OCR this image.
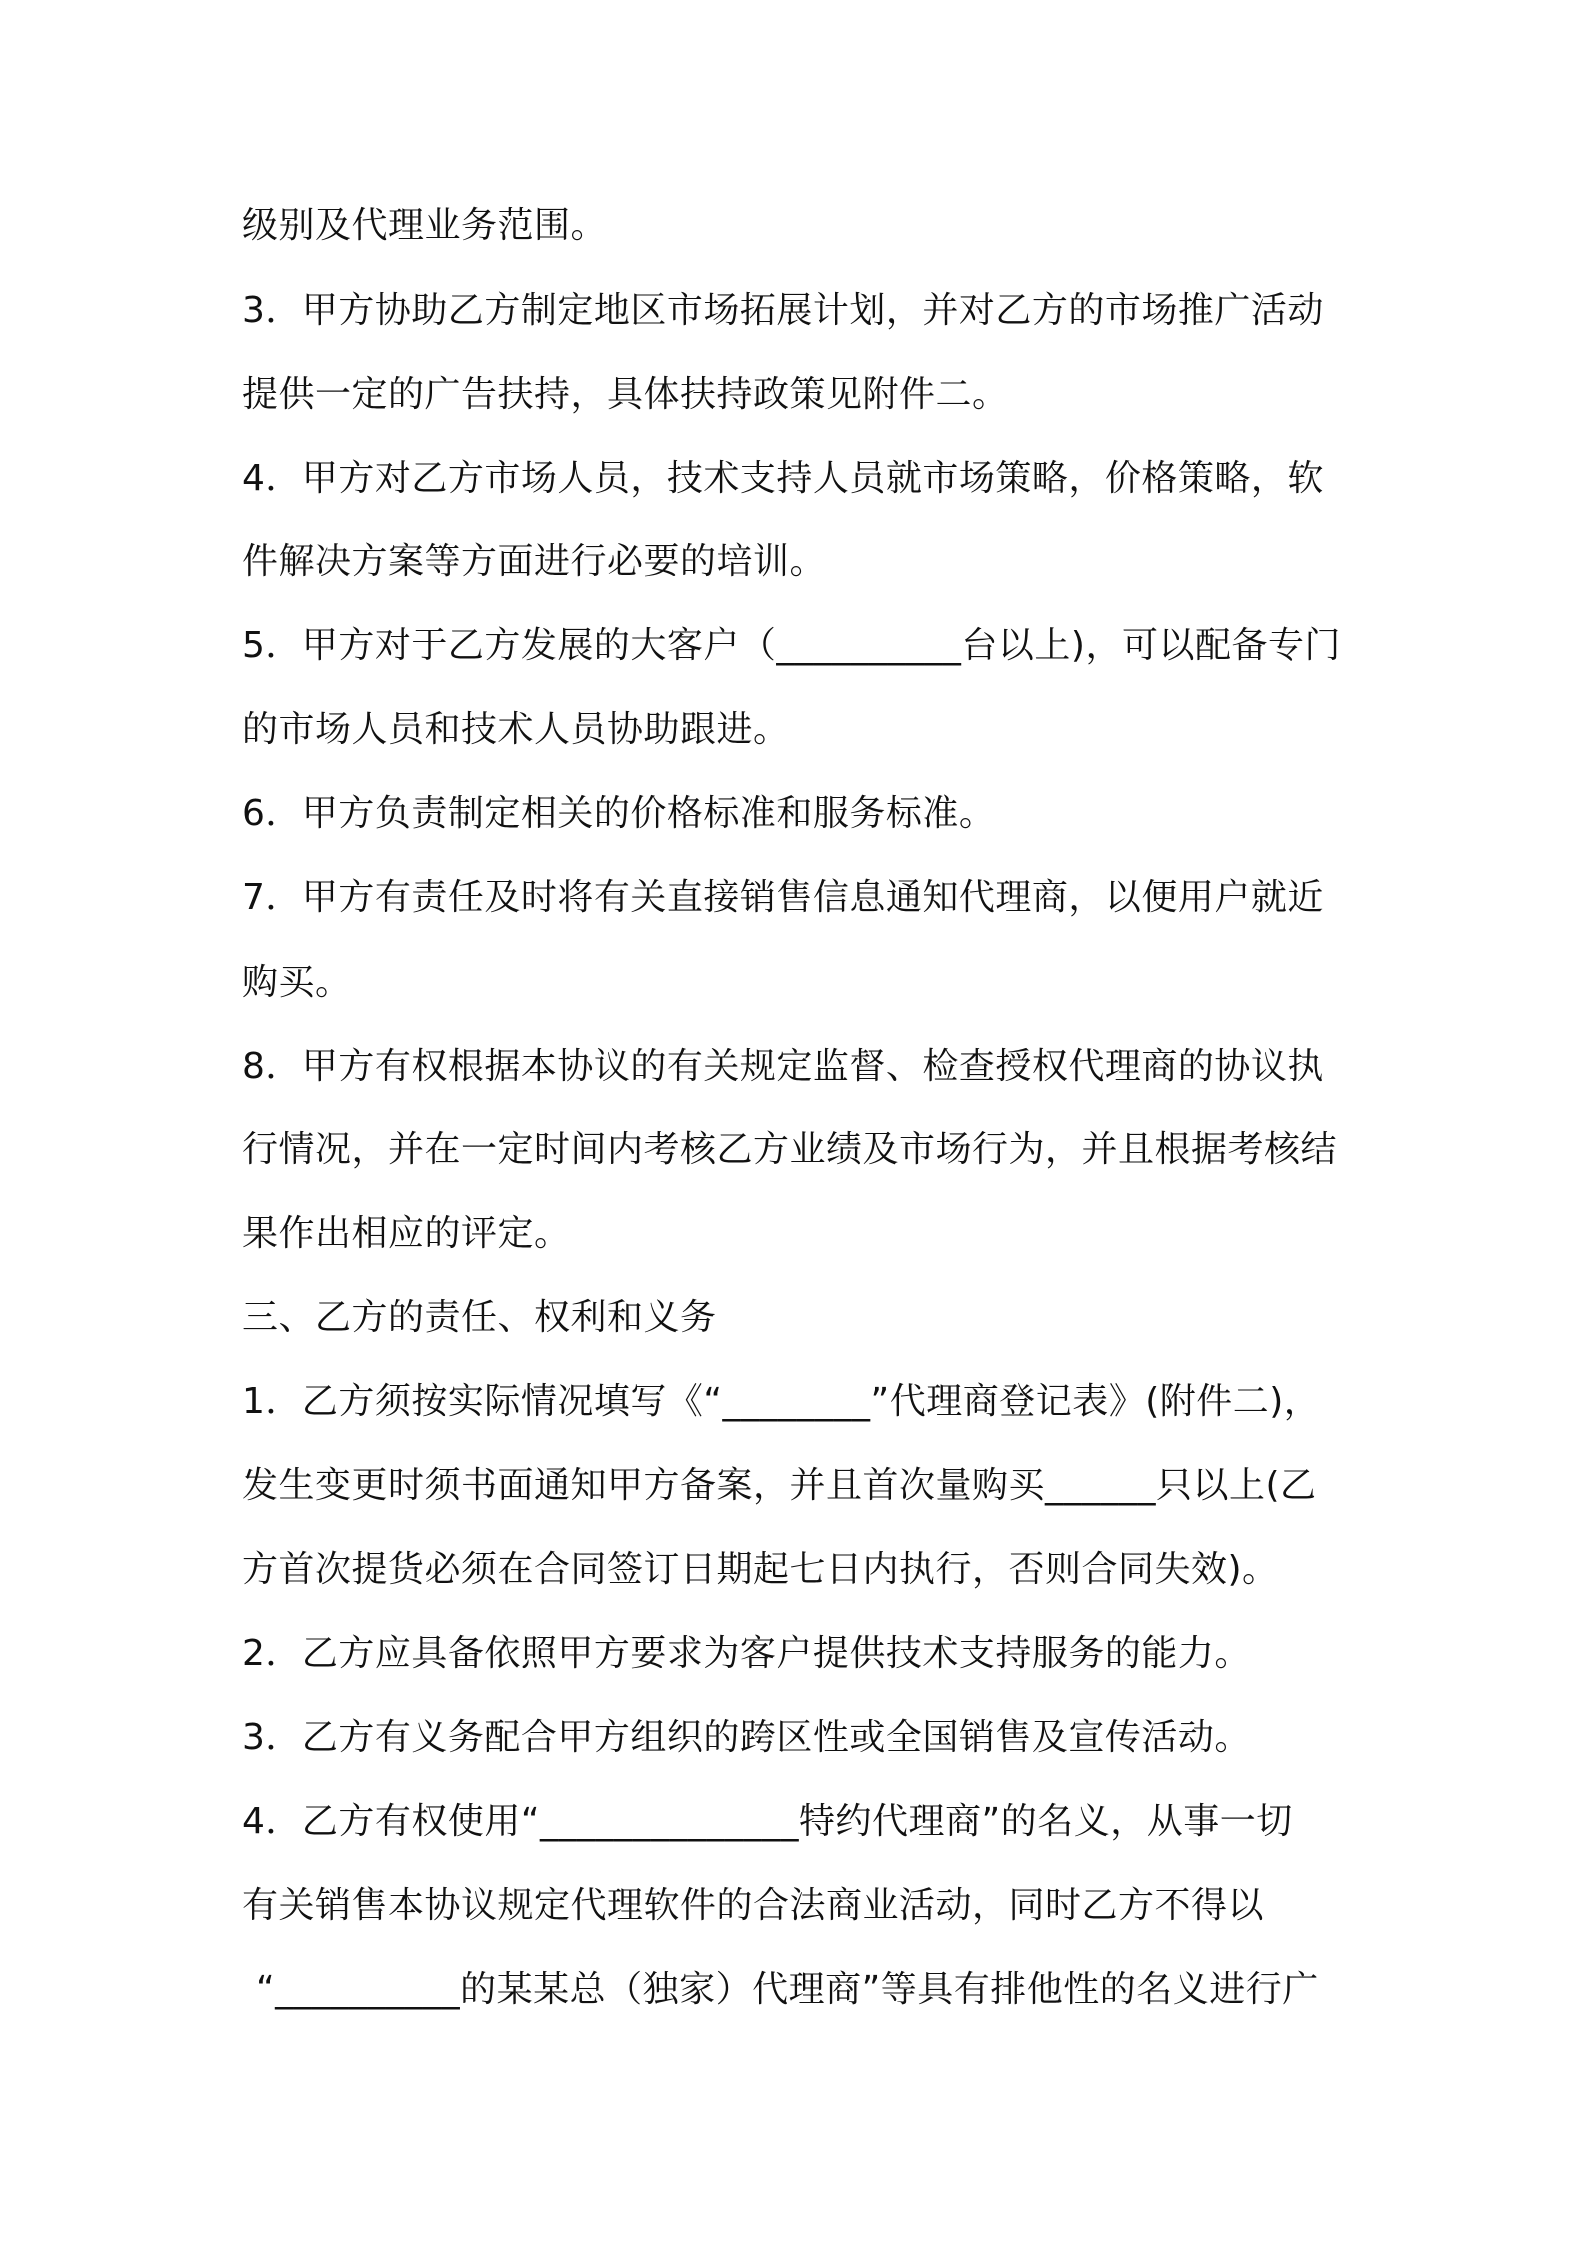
级别及代理业务范围。
3．甲方协助乙方制定地区市场拓展计划，并对乙方的市场推广活动
提供一定的广告扶持，具体扶持政策见附件二。
4．甲方对乙方市场人员，技术支持人员就市场策略，价格策略，软
件解决方案等方面进行必要的培训。
5．甲方对于乙方发展的大客户（__________台以上)，可以配备专门
的市场人员和技术人员协助跟进。
6．甲方负责制定相关的价格标准和服务标准。
7．甲方有责任及时将有关直接销售信息通知代理商，以便用户就近
购买。
8．甲方有权根据本协议的有关规定监督、检查授权代理商的协议执
行情况，并在一定时间内考核乙方业绩及市场行为，并且根据考核结
果作出相应的评定。
三、乙方的责任、权利和义务
1．乙方须按实际情况填写《“________”代理商登记表》(附件二)，
发生变更时须书面通知甲方备案，并且首次量购买______只以上(乙
方首次提货必须在合同签订日期起七日内执行，否则合同失效)。
2．乙方应具备依照甲方要求为客户提供技术支持服务的能力。
3．乙方有义务配合甲方组织的跨区性或全国销售及宣传活动。
4．乙方有权使用“______________特约代理商”的名义，从事一切
有关销售本协议规定代理软件的合法商业活动，同时乙方不得以
“__________的某某总（独家）代理商”等具有排他性的名义进行广
